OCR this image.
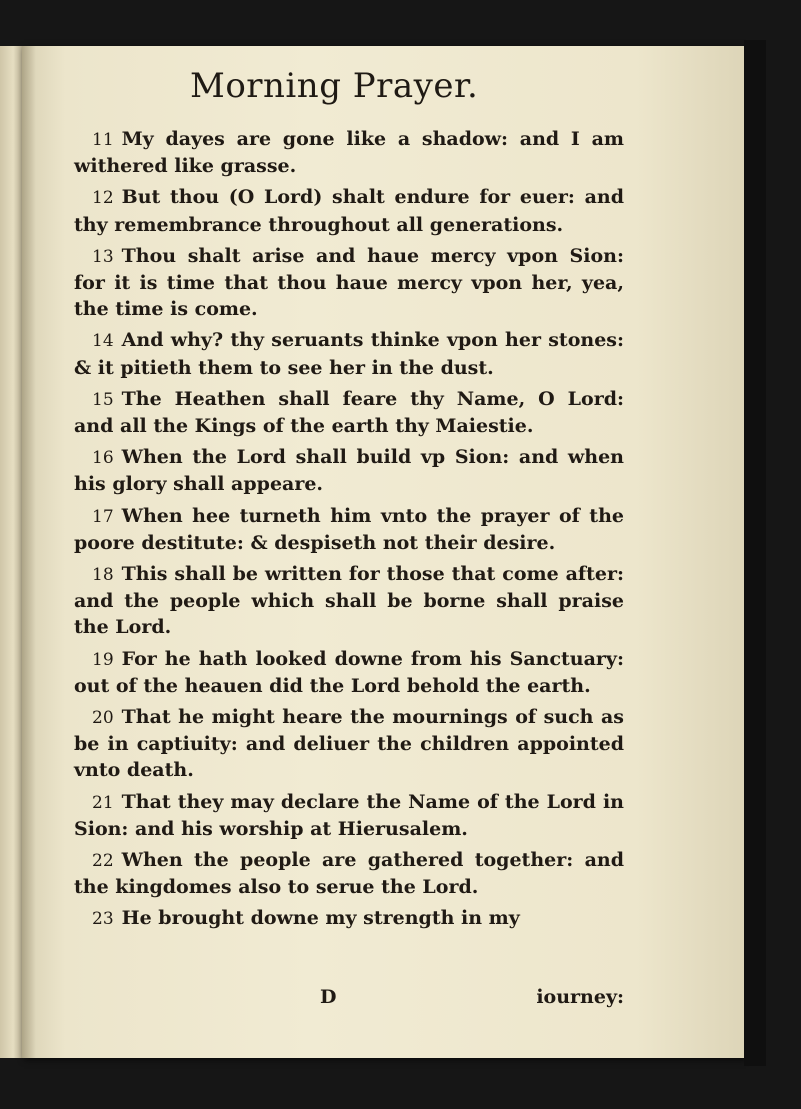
Morning Prayer.

11 My dayes are gone like a shadow: and I am withered like grasse.

12 But thou (O Lord) shalt endure for euer: and thy remembrance throughout all generations.

13 Thou shalt arise and haue mercy vpon Sion: for it is time that thou haue mercy vpon her, yea, the time is come.

14 And why? thy seruants thinke vpon her stones: & it pitieth them to see her in the dust.

15 The Heathen shall feare thy Name, O Lord: and all the Kings of the earth thy Maiestie.

16 When the Lord shall build vp Sion: and when his glory shall appeare.

17 When hee turneth him vnto the prayer of the poore destitute: & despiseth not their desire.

18 This shall be written for those that come after: and the people which shall be borne shall praise the Lord.

19 For he hath looked downe from his Sanctuary: out of the heauen did the Lord behold the earth.

20 That he might heare the mournings of such as be in captiuity: and deliuer the children appointed vnto death.

21 That they may declare the Name of the Lord in Sion: and his worship at Hierusalem.

22 When the people are gathered together: and the kingdomes also to serue the Lord.

23 He brought downe my strength in my

D	iourney:
